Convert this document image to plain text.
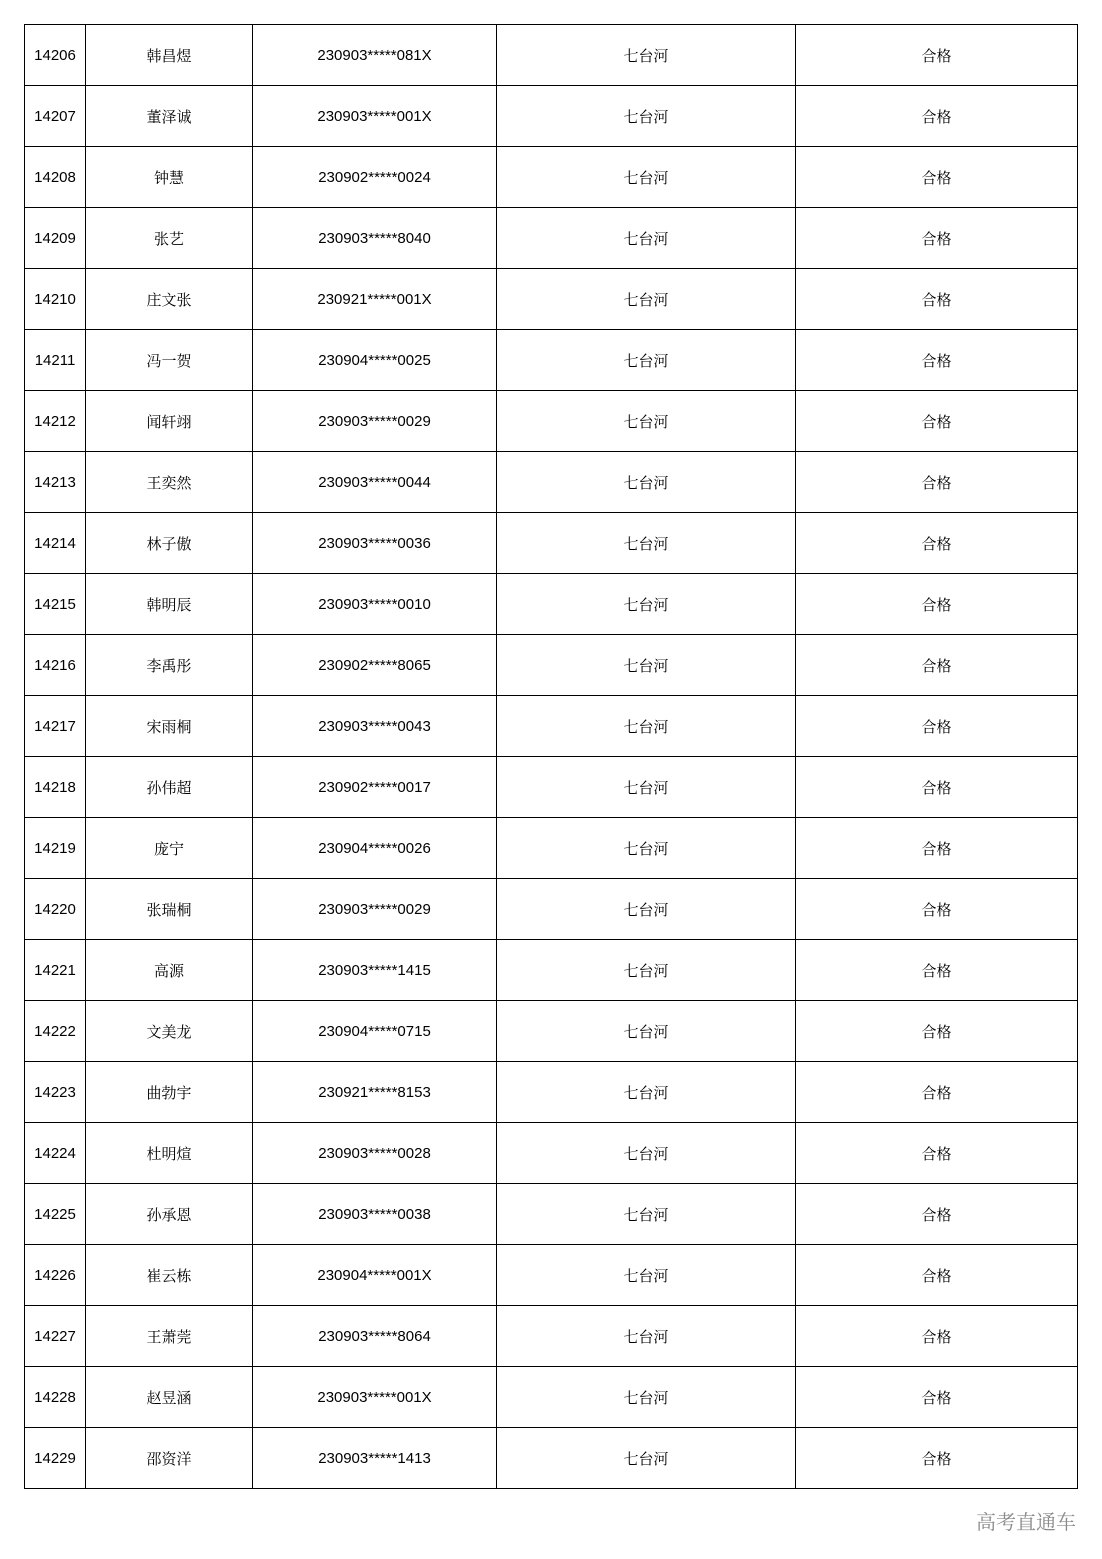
14206	韩昌煜	230903*****081X	七台河	合格
14207	董泽诚	230903*****001X	七台河	合格
14208	钟慧	230902*****0024	七台河	合格
14209	张艺	230903*****8040	七台河	合格
14210	庄文张	230921*****001X	七台河	合格
14211	冯一贺	230904*****0025	七台河	合格
14212	闻轩翊	230903*****0029	七台河	合格
14213	王奕然	230903*****0044	七台河	合格
14214	林子傲	230903*****0036	七台河	合格
14215	韩明辰	230903*****0010	七台河	合格
14216	李禹彤	230902*****8065	七台河	合格
14217	宋雨桐	230903*****0043	七台河	合格
14218	孙伟超	230902*****0017	七台河	合格
14219	庞宁	230904*****0026	七台河	合格
14220	张瑞桐	230903*****0029	七台河	合格
14221	高源	230903*****1415	七台河	合格
14222	文美龙	230904*****0715	七台河	合格
14223	曲勃宇	230921*****8153	七台河	合格
14224	杜明煊	230903*****0028	七台河	合格
14225	孙承恩	230903*****0038	七台河	合格
14226	崔云栋	230904*****001X	七台河	合格
14227	王萧莞	230903*****8064	七台河	合格
14228	赵昱涵	230903*****001X	七台河	合格
14229	邵资洋	230903*****1413	七台河	合格
高考直通车
